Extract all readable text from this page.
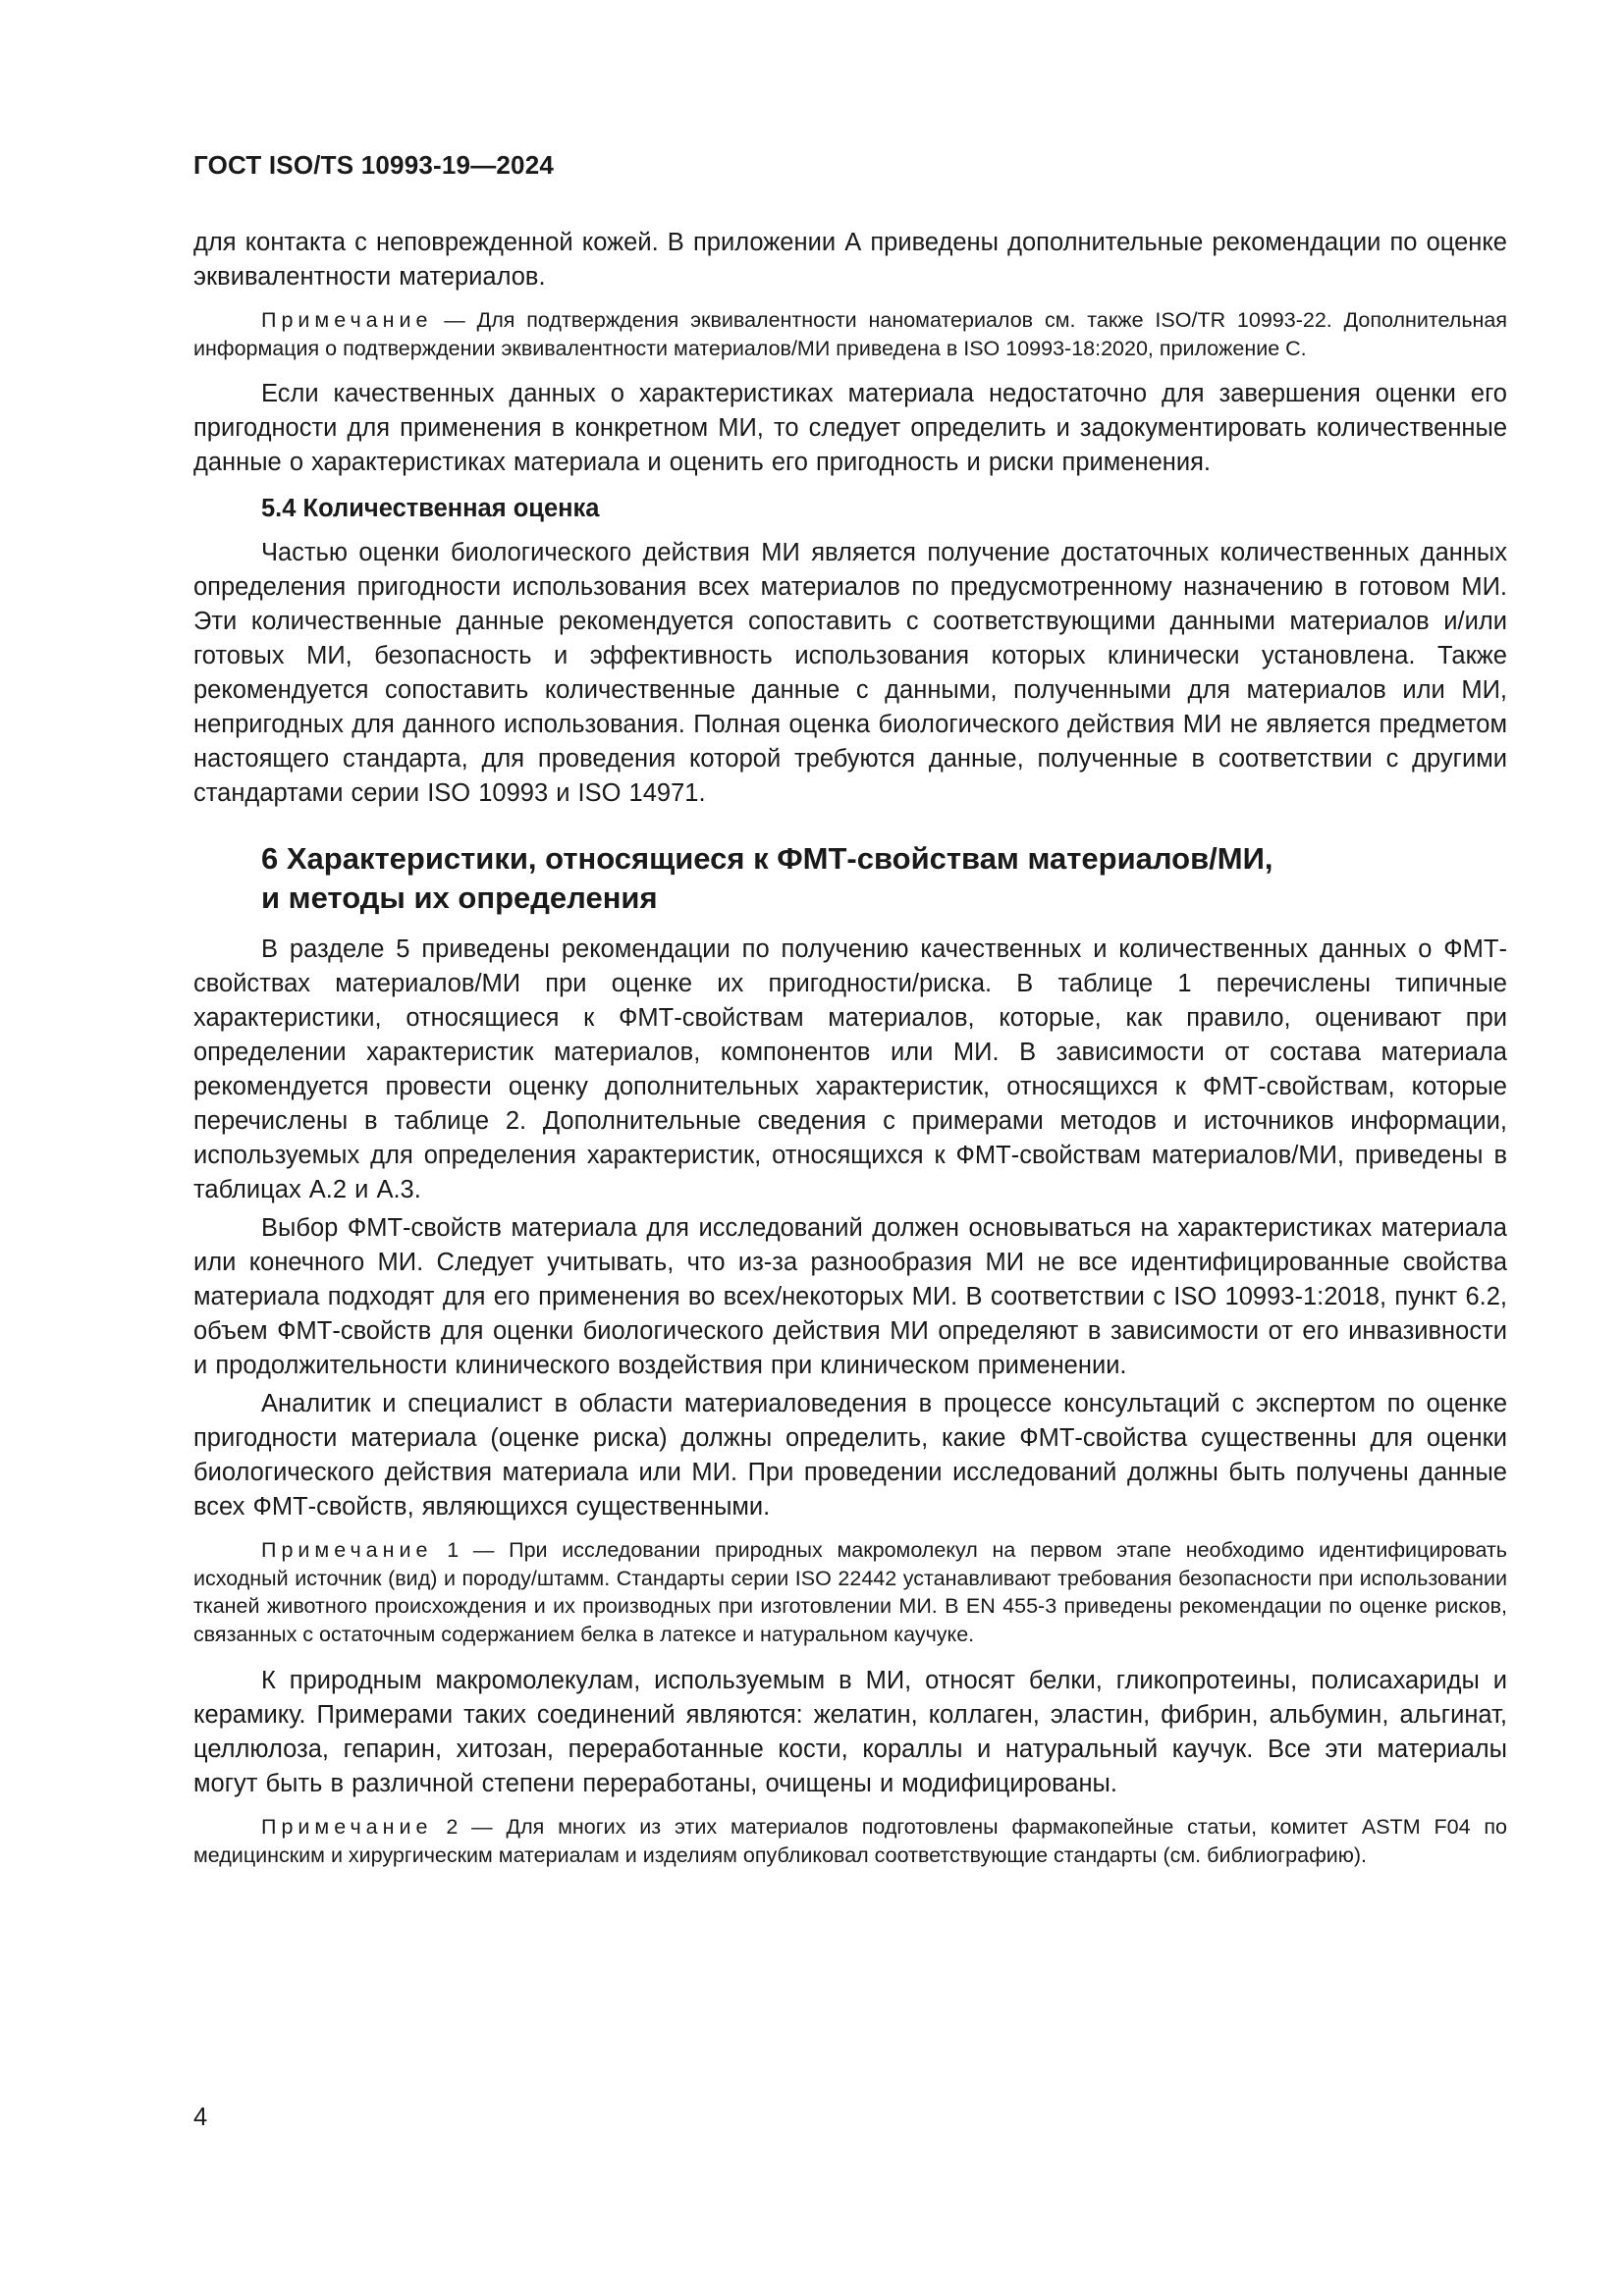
ГОСТ ISO/TS 10993-19—2024

для контакта с неповрежденной кожей. В приложении А приведены дополнительные рекомендации по оценке эквивалентности материалов.

Примечание — Для подтверждения эквивалентности наноматериалов см. также ISO/TR 10993-22. Дополнительная информация о подтверждении эквивалентности материалов/МИ приведена в ISO 10993-18:2020, приложение С.

Если качественных данных о характеристиках материала недостаточно для завершения оценки его пригодности для применения в конкретном МИ, то следует определить и задокументировать количественные данные о характеристиках материала и оценить его пригодность и риски применения.

5.4 Количественная оценка

Частью оценки биологического действия МИ является получение достаточных количественных данных определения пригодности использования всех материалов по предусмотренному назначению в готовом МИ. Эти количественные данные рекомендуется сопоставить с соответствующими данными материалов и/или готовых МИ, безопасность и эффективность использования которых клинически установлена. Также рекомендуется сопоставить количественные данные с данными, полученными для материалов или МИ, непригодных для данного использования. Полная оценка биологического действия МИ не является предметом настоящего стандарта, для проведения которой требуются данные, полученные в соответствии с другими стандартами серии ISO 10993 и ISO 14971.

6 Характеристики, относящиеся к ФМТ-свойствам материалов/МИ,

и методы их определения

В разделе 5 приведены рекомендации по получению качественных и количественных данных о ФМТ-свойствах материалов/МИ при оценке их пригодности/риска. В таблице 1 перечислены типичные характеристики, относящиеся к ФМТ-свойствам материалов, которые, как правило, оценивают при определении характеристик материалов, компонентов или МИ. В зависимости от состава материала рекомендуется провести оценку дополнительных характеристик, относящихся к ФМТ-свойствам, которые перечислены в таблице 2. Дополнительные сведения с примерами методов и источников информации, используемых для определения характеристик, относящихся к ФМТ-свойствам материалов/МИ, приведены в таблицах А.2 и А.3.

Выбор ФМТ-свойств материала для исследований должен основываться на характеристиках материала или конечного МИ. Следует учитывать, что из-за разнообразия МИ не все идентифицированные свойства материала подходят для его применения во всех/некоторых МИ. В соответствии с ISO 10993-1:2018, пункт 6.2, объем ФМТ-свойств для оценки биологического действия МИ определяют в зависимости от его инвазивности и продолжительности клинического воздействия при клиническом применении.

Аналитик и специалист в области материаловедения в процессе консультаций с экспертом по оценке пригодности материала (оценке риска) должны определить, какие ФМТ-свойства существенны для оценки биологического действия материала или МИ. При проведении исследований должны быть получены данные всех ФМТ-свойств, являющихся существенными.

Примечание 1 — При исследовании природных макромолекул на первом этапе необходимо идентифицировать исходный источник (вид) и породу/штамм. Стандарты серии ISO 22442 устанавливают требования безопасности при использовании тканей животного происхождения и их производных при изготовлении МИ. В EN 455-3 приведены рекомендации по оценке рисков, связанных с остаточным содержанием белка в латексе и натуральном каучуке.

К природным макромолекулам, используемым в МИ, относят белки, гликопротеины, полисахариды и керамику. Примерами таких соединений являются: желатин, коллаген, эластин, фибрин, альбумин, альгинат, целлюлоза, гепарин, хитозан, переработанные кости, кораллы и натуральный каучук. Все эти материалы могут быть в различной степени переработаны, очищены и модифицированы.

Примечание 2 — Для многих из этих материалов подготовлены фармакопейные статьи, комитет ASTM F04 по медицинским и хирургическим материалам и изделиям опубликовал соответствующие стандарты (см. библиографию).

4
